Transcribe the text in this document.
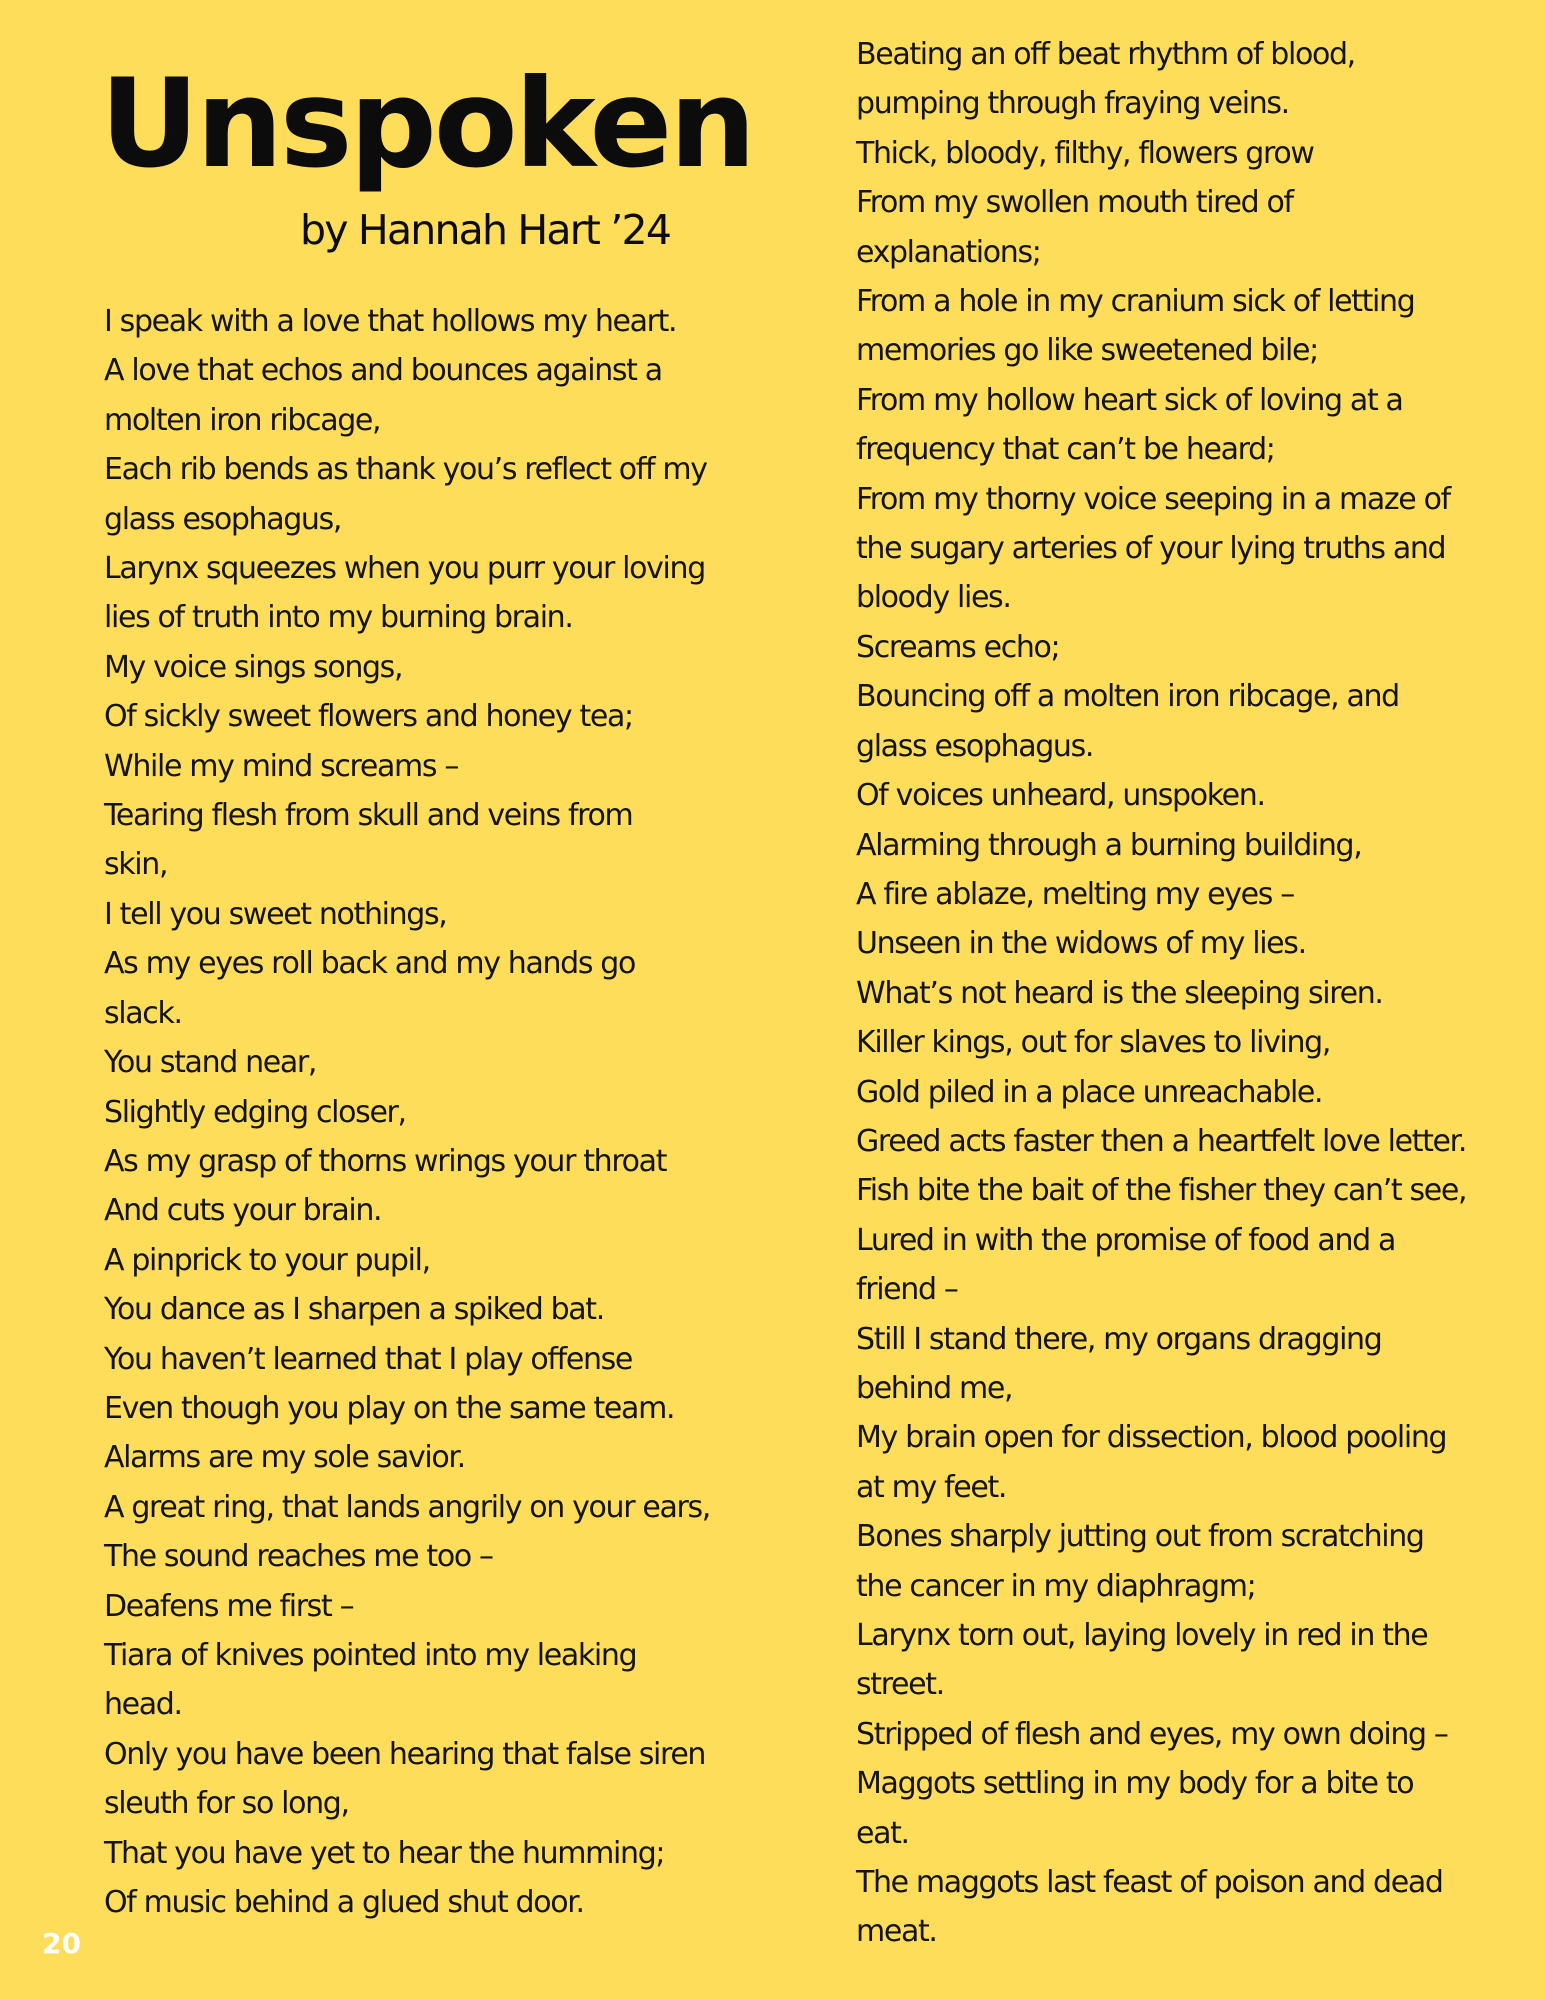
Unspoken

by Hannah Hart ’24

I speak with a love that hollows my heart.
A love that echos and bounces against a
molten iron ribcage,
Each rib bends as thank you’s reflect off my
glass esophagus,
Larynx squeezes when you purr your loving
lies of truth into my burning brain.
My voice sings songs,
Of sickly sweet flowers and honey tea;
While my mind screams –
Tearing flesh from skull and veins from
skin,
I tell you sweet nothings,
As my eyes roll back and my hands go
slack.
You stand near,
Slightly edging closer,
As my grasp of thorns wrings your throat
And cuts your brain.
A pinprick to your pupil,
You dance as I sharpen a spiked bat.
You haven’t learned that I play offense
Even though you play on the same team.
Alarms are my sole savior.
A great ring, that lands angrily on your ears,
The sound reaches me too –
Deafens me first –
Tiara of knives pointed into my leaking
head.
Only you have been hearing that false siren
sleuth for so long,
That you have yet to hear the humming;
Of music behind a glued shut door.
Beating an off beat rhythm of blood,
pumping through fraying veins.
Thick, bloody, filthy, flowers grow
From my swollen mouth tired of
explanations;
From a hole in my cranium sick of letting
memories go like sweetened bile;
From my hollow heart sick of loving at a
frequency that can’t be heard;
From my thorny voice seeping in a maze of
the sugary arteries of your lying truths and
bloody lies.
Screams echo;
Bouncing off a molten iron ribcage, and
glass esophagus.
Of voices unheard, unspoken.
Alarming through a burning building,
A fire ablaze, melting my eyes –
Unseen in the widows of my lies.
What’s not heard is the sleeping siren.
Killer kings, out for slaves to living,
Gold piled in a place unreachable.
Greed acts faster then a heartfelt love letter.
Fish bite the bait of the fisher they can’t see,
Lured in with the promise of food and a
friend –
Still I stand there, my organs dragging
behind me,
My brain open for dissection, blood pooling
at my feet.
Bones sharply jutting out from scratching
the cancer in my diaphragm;
Larynx torn out, laying lovely in red in the
street.
Stripped of flesh and eyes, my own doing –
Maggots settling in my body for a bite to
eat.
The maggots last feast of poison and dead
meat.
20
